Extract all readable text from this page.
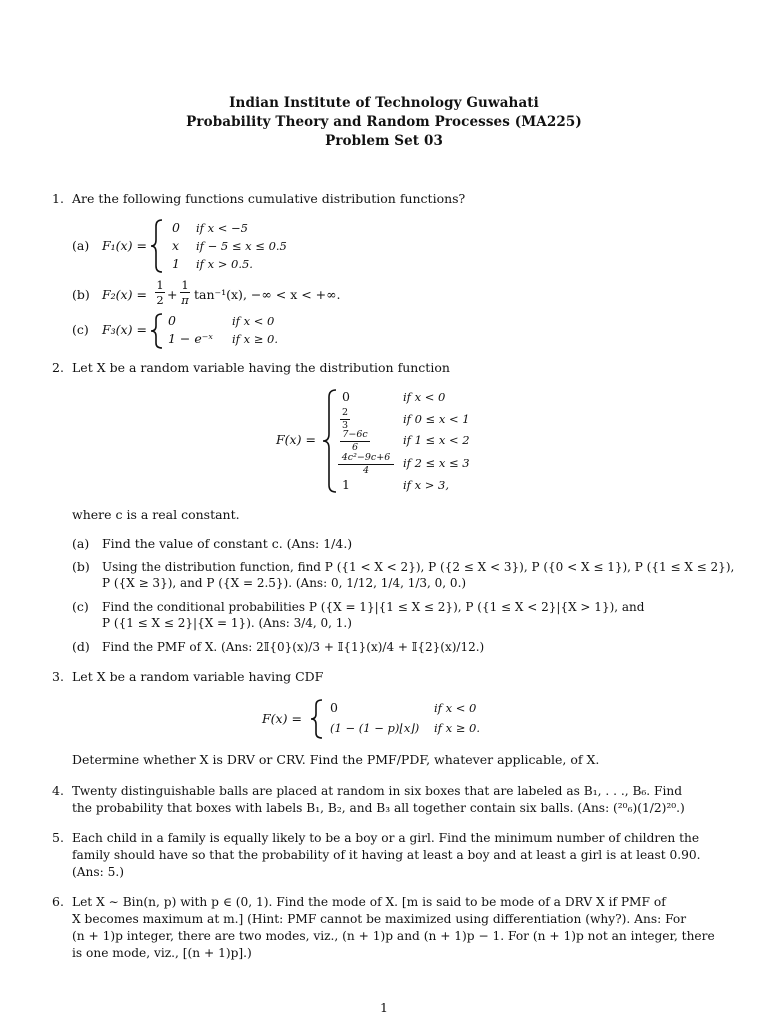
Indian Institute of Technology Guwahati
Probability Theory and Random Processes (MA225)
Problem Set 03
1. Are the following functions cumulative distribution functions?
(a) F₁(x) =
0 if x < −5
x if − 5 ≤ x ≤ 0.5
1 if x > 0.5.
(b) F₂(x) =
1
2 +
1
π tan⁻¹(x), −∞ < x < +∞.
(c) F₃(x) =
0	if x < 0
1 − e⁻ˣ if x ≥ 0.
2. Let X be a random variable having the distribution function
F(x) =
0	if x < 0
2
3	if 0 ≤ x < 1
7−6c
6
if 1 ≤ x < 2
4c²−9c+6
4
if 2 ≤ x ≤ 3
1	if x > 3,
where c is a real constant.
(a) Find the value of constant c. (Ans: 1/4.)
(b) Using the distribution function, find P ({1 < X < 2}), P ({2 ≤ X < 3}), P ({0 < X ≤ 1}), P ({1 ≤ X ≤ 2}),
P ({X ≥ 3}), and P ({X = 2.5}). (Ans: 0, 1/12, 1/4, 1/3, 0, 0.)
(c) Find the conditional probabilities P ({X = 1}|{1 ≤ X ≤ 2}), P ({1 ≤ X < 2}|{X > 1}), and
P ({1 ≤ X ≤ 2}|{X = 1}). (Ans: 3/4, 0, 1.)
(d) Find the PMF of X. (Ans: 2𝕀{0}(x)/3 + 𝕀{1}(x)/4 + 𝕀{2}(x)/12.)
3. Let X be a random variable having CDF
F(x) =
0	if x < 0
(1 − (1 − p)⌊x⌋) if x ≥ 0.
Determine whether X is DRV or CRV. Find the PMF/PDF, whatever applicable, of X.
4. Twenty distinguishable balls are placed at random in six boxes that are labeled as B₁, . . ., B₆. Find
the probability that boxes with labels B₁, B₂, and B₃ all together contain six balls. (Ans: (²⁰₆)(1/2)²⁰.)
5. Each child in a family is equally likely to be a boy or a girl. Find the minimum number of children the
family should have so that the probability of it having at least a boy and at least a girl is at least 0.90.
(Ans: 5.)
6. Let X ∼ Bin(n, p) with p ∈ (0, 1). Find the mode of X. [m is said to be mode of a DRV X if PMF of
X becomes maximum at m.] (Hint: PMF cannot be maximized using differentiation (why?). Ans: For
(n + 1)p integer, there are two modes, viz., (n + 1)p and (n + 1)p − 1. For (n + 1)p not an integer, there
is one mode, viz., [(n + 1)p].)
1
